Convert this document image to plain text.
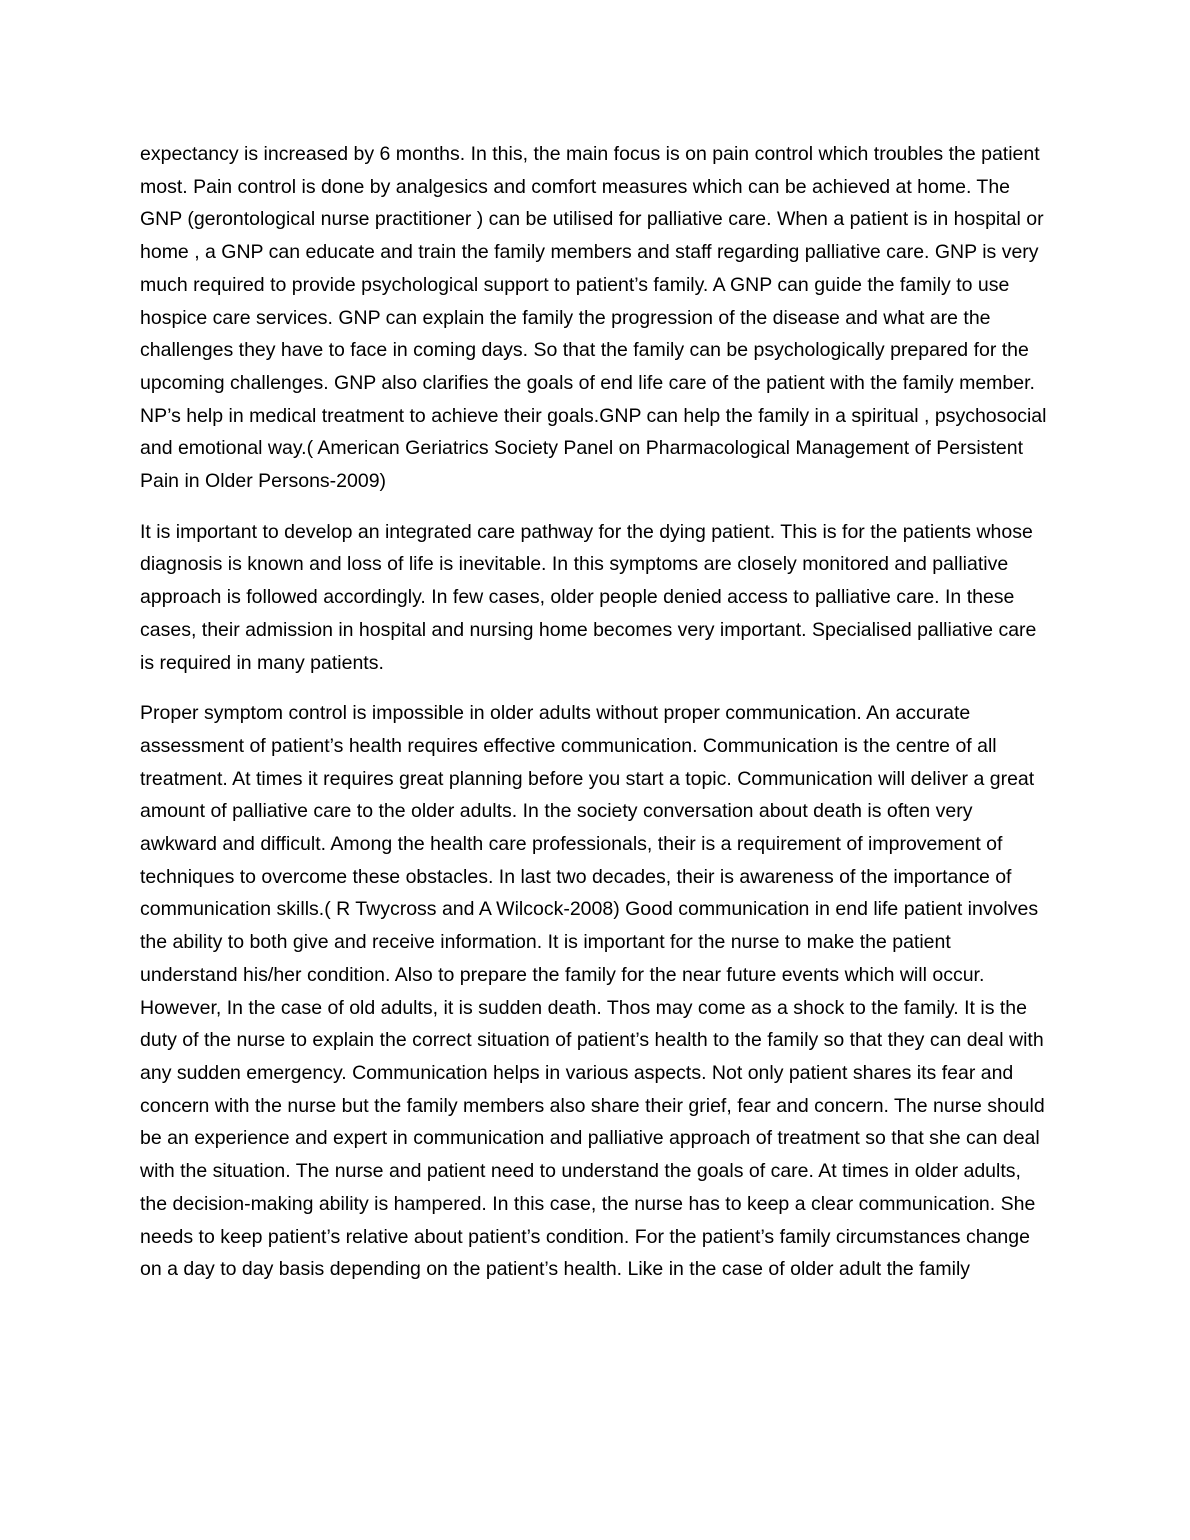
expectancy is increased by 6 months. In this, the main focus is on pain control which troubles the patient most. Pain control is done by analgesics and comfort measures which can be achieved at home. The GNP (gerontological nurse practitioner ) can be utilised for palliative care. When a patient is in hospital or home , a GNP can educate and train the family members and staff regarding palliative care. GNP is very much required to provide psychological support to patient’s family. A GNP can guide the family to use hospice care services. GNP can explain the family the progression of the disease and what are the challenges they have to face in coming days. So that the family can be psychologically prepared for the upcoming challenges. GNP also clarifies the goals of end life care of the patient with the family member. NP’s help in medical treatment to achieve their goals.GNP can help the family in a spiritual , psychosocial and emotional way.( American Geriatrics Society Panel on Pharmacological Management of Persistent Pain in Older Persons-2009)

It is important to develop an integrated care pathway for the dying patient. This is for the patients whose diagnosis is known and loss of life is inevitable. In this symptoms are closely monitored and palliative approach is followed accordingly. In few cases, older people denied access to palliative care. In these cases, their admission in hospital and nursing home becomes very important. Specialised palliative care is required in many patients.

Proper symptom control is impossible in older adults without proper communication. An accurate assessment of patient’s health requires effective communication. Communication is the centre of all treatment. At times it requires great planning before you start a topic. Communication will deliver a great amount of palliative care to the older adults. In the society conversation about death is often very awkward and difficult. Among the health care professionals, their is a requirement of improvement of techniques to overcome these obstacles. In last two decades, their is awareness of the importance of communication skills.( R Twycross and A Wilcock-2008) Good communication in end life patient involves the ability to both give and receive information. It is important for the nurse to make the patient understand his/her condition. Also to prepare the family for the near future events which will occur. However, In the case of old adults, it is sudden death. Thos may come as a shock to the family. It is the duty of the nurse to explain the correct situation of patient’s health to the family so that they can deal with any sudden emergency. Communication helps in various aspects. Not only patient shares its fear and concern with the nurse but the family members also share their grief, fear and concern. The nurse should be an experience and expert in communication and palliative approach of treatment so that she can deal with the situation. The nurse and patient need to understand the goals of care. At times in older adults, the decision-making ability is hampered. In this case, the nurse has to keep a clear communication. She needs to keep patient’s relative about patient’s condition. For the patient’s family circumstances change on a day to day basis depending on the patient’s health. Like in the case of older adult the family
